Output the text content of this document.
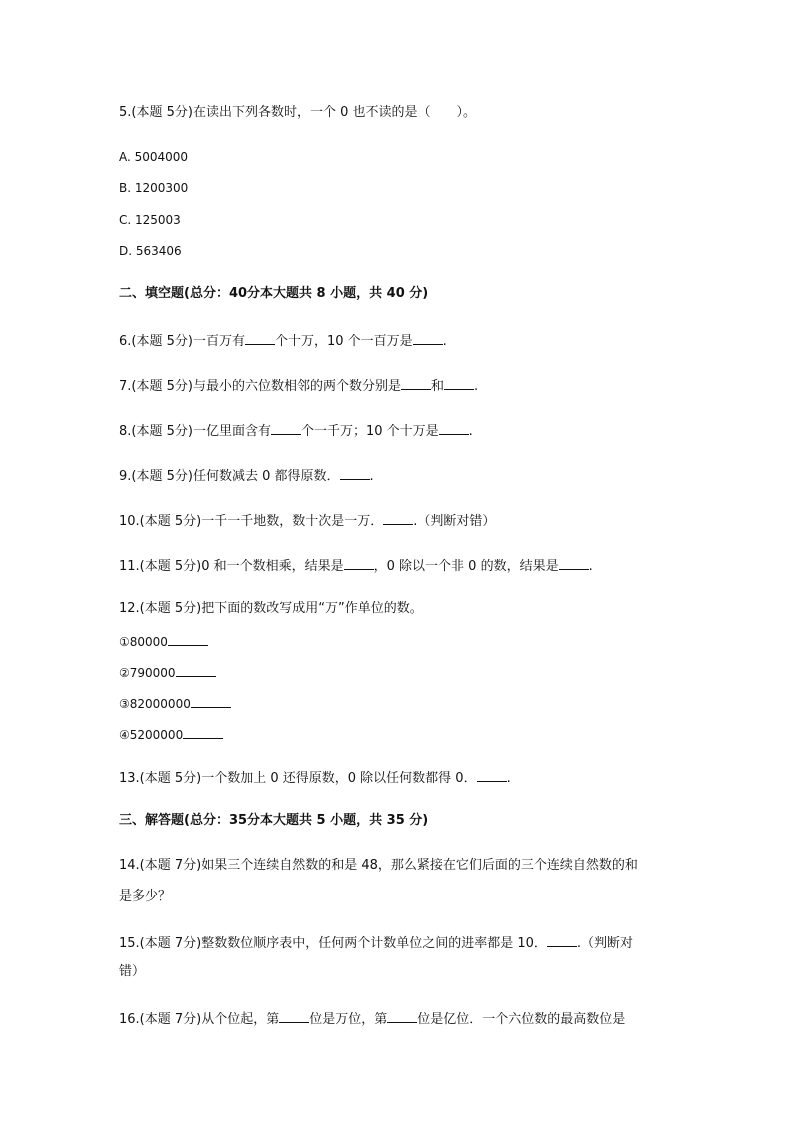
5.(本题 5分)在读出下列各数时，一个 0 也不读的是（　　）。
A. 5004000
B. 1200300
C. 125003
D. 563406
二、填空题(总分：40分本大题共 8 小题，共 40 分)
6.(本题 5分)一百万有 个十万，10 个一百万是 .
7.(本题 5分)与最小的六位数相邻的两个数分别是 和 .
8.(本题 5分)一亿里面含有 个一千万；10 个十万是 .
9.(本题 5分)任何数减去 0 都得原数． .
10.(本题 5分)一千一千地数，数十次是一万． .（判断对错）
11.(本题 5分)0 和一个数相乘，结果是 ，0 除以一个非 0 的数，结果是 .
12.(本题 5分)把下面的数改写成用“万”作单位的数。
①80000
②790000
③82000000
④5200000
13.(本题 5分)一个数加上 0 还得原数，0 除以任何数都得 0． .
三、解答题(总分：35分本大题共 5 小题，共 35 分)
14.(本题 7分)如果三个连续自然数的和是 48，那么紧接在它们后面的三个连续自然数的和
是多少？
15.(本题 7分)整数数位顺序表中，任何两个计数单位之间的进率都是 10． .（判断对
错）
16.(本题 7分)从个位起，第 位是万位，第 位是亿位．一个六位数的最高数位是
